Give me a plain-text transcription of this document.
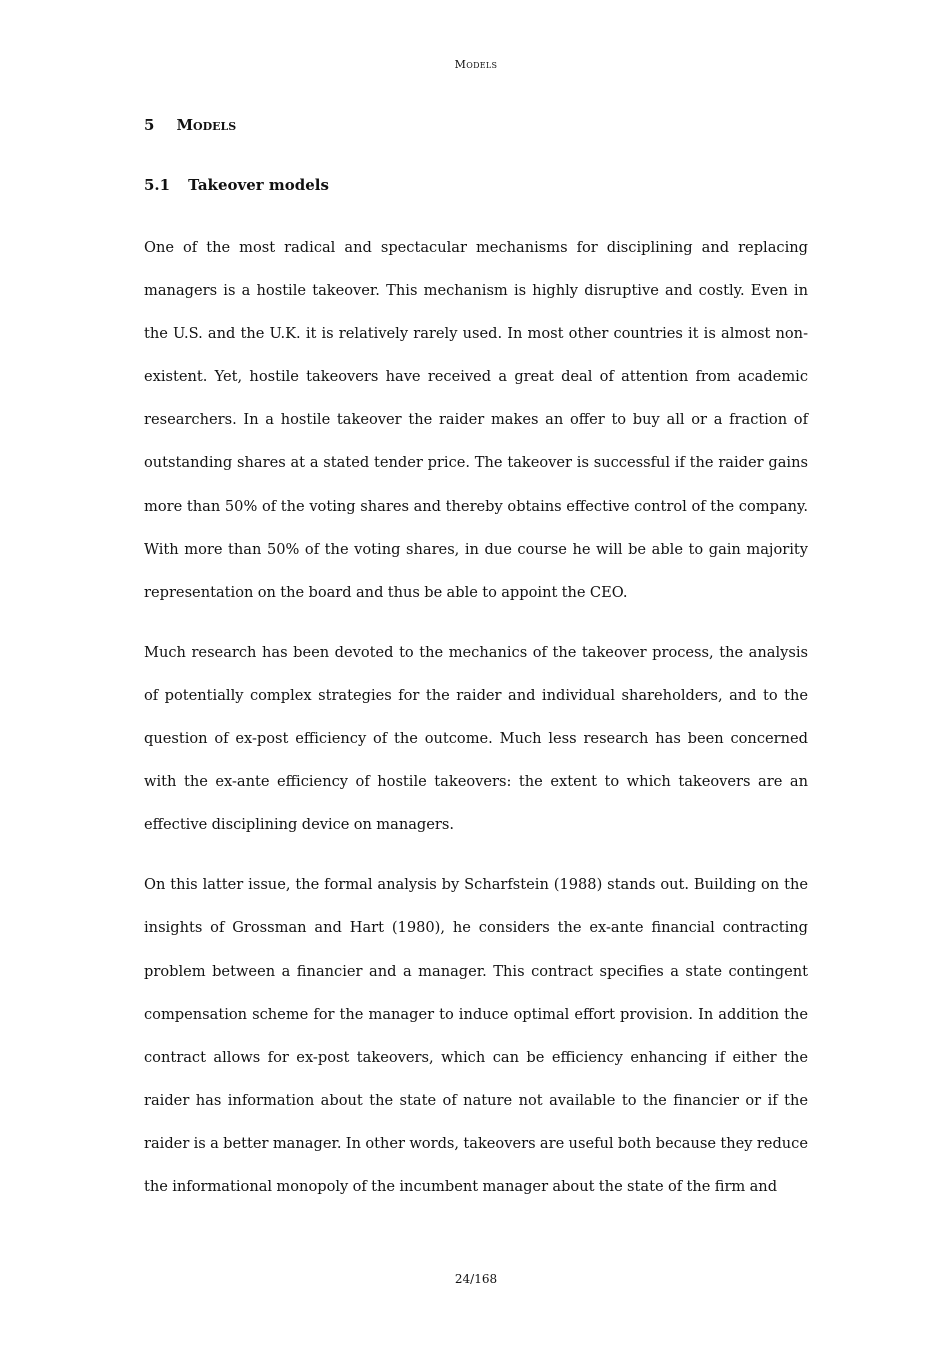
Models
5 Models
5.1 Takeover models

One of the most radical and spectacular mechanisms for disciplining and replacing managers is a hostile takeover. This mechanism is highly disruptive and costly. Even in the U.S. and the U.K. it is relatively rarely used. In most other countries it is almost non-existent. Yet, hostile takeovers have received a great deal of attention from academic researchers. In a hostile takeover the raider makes an offer to buy all or a fraction of outstanding shares at a stated tender price. The takeover is successful if the raider gains more than 50% of the voting shares and thereby obtains effective control of the company. With more than 50% of the voting shares, in due course he will be able to gain majority representation on the board and thus be able to appoint the CEO.

Much research has been devoted to the mechanics of the takeover process, the analysis of potentially complex strategies for the raider and individual shareholders, and to the question of ex-post efficiency of the outcome. Much less research has been concerned with the ex-ante efficiency of hostile takeovers: the extent to which takeovers are an effective disciplining device on managers.

On this latter issue, the formal analysis by Scharfstein (1988) stands out. Building on the insights of Grossman and Hart (1980), he considers the ex-ante financial contracting problem between a financier and a manager. This contract specifies a state contingent compensation scheme for the manager to induce optimal effort provision. In addition the contract allows for ex-post takeovers, which can be efficiency enhancing if either the raider has information about the state of nature not available to the financier or if the raider is a better manager. In other words, takeovers are useful both because they reduce the informational monopoly of the incumbent manager about the state of the firm and

24/168
